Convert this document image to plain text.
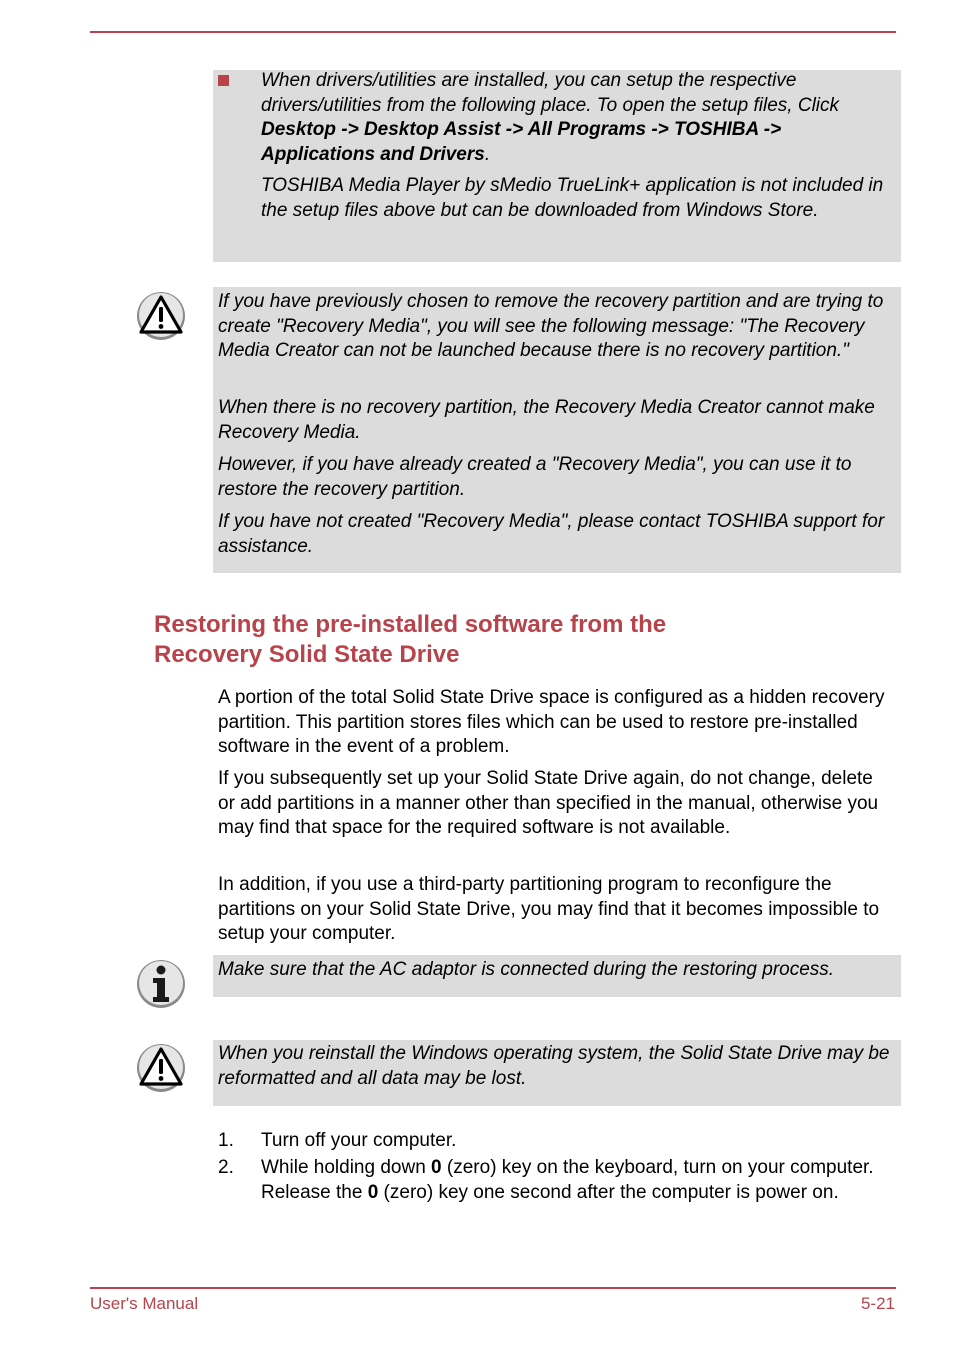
When drivers/utilities are installed, you can setup the respective drivers/utilities from the following place. To open the setup files, Click Desktop -> Desktop Assist -> All Programs -> TOSHIBA -> Applications and Drivers.

TOSHIBA Media Player by sMedio TrueLink+ application is not included in the setup files above but can be downloaded from Windows Store.

If you have previously chosen to remove the recovery partition and are trying to create "Recovery Media", you will see the following message: "The Recovery Media Creator can not be launched because there is no recovery partition."

When there is no recovery partition, the Recovery Media Creator cannot make Recovery Media.

However, if you have already created a "Recovery Media", you can use it to restore the recovery partition.

If you have not created "Recovery Media", please contact TOSHIBA support for assistance.

Restoring the pre-installed software from the
Recovery Solid State Drive

A portion of the total Solid State Drive space is configured as a hidden recovery partition. This partition stores files which can be used to restore pre-installed software in the event of a problem.

If you subsequently set up your Solid State Drive again, do not change, delete or add partitions in a manner other than specified in the manual, otherwise you may find that space for the required software is not available.

In addition, if you use a third-party partitioning program to reconfigure the partitions on your Solid State Drive, you may find that it becomes impossible to setup your computer.

Make sure that the AC adaptor is connected during the restoring process.

When you reinstall the Windows operating system, the Solid State Drive may be reformatted and all data may be lost.

1. Turn off your computer.
2. While holding down 0 (zero) key on the keyboard, turn on your computer. Release the 0 (zero) key one second after the computer is power on.
User's Manual	5-21
